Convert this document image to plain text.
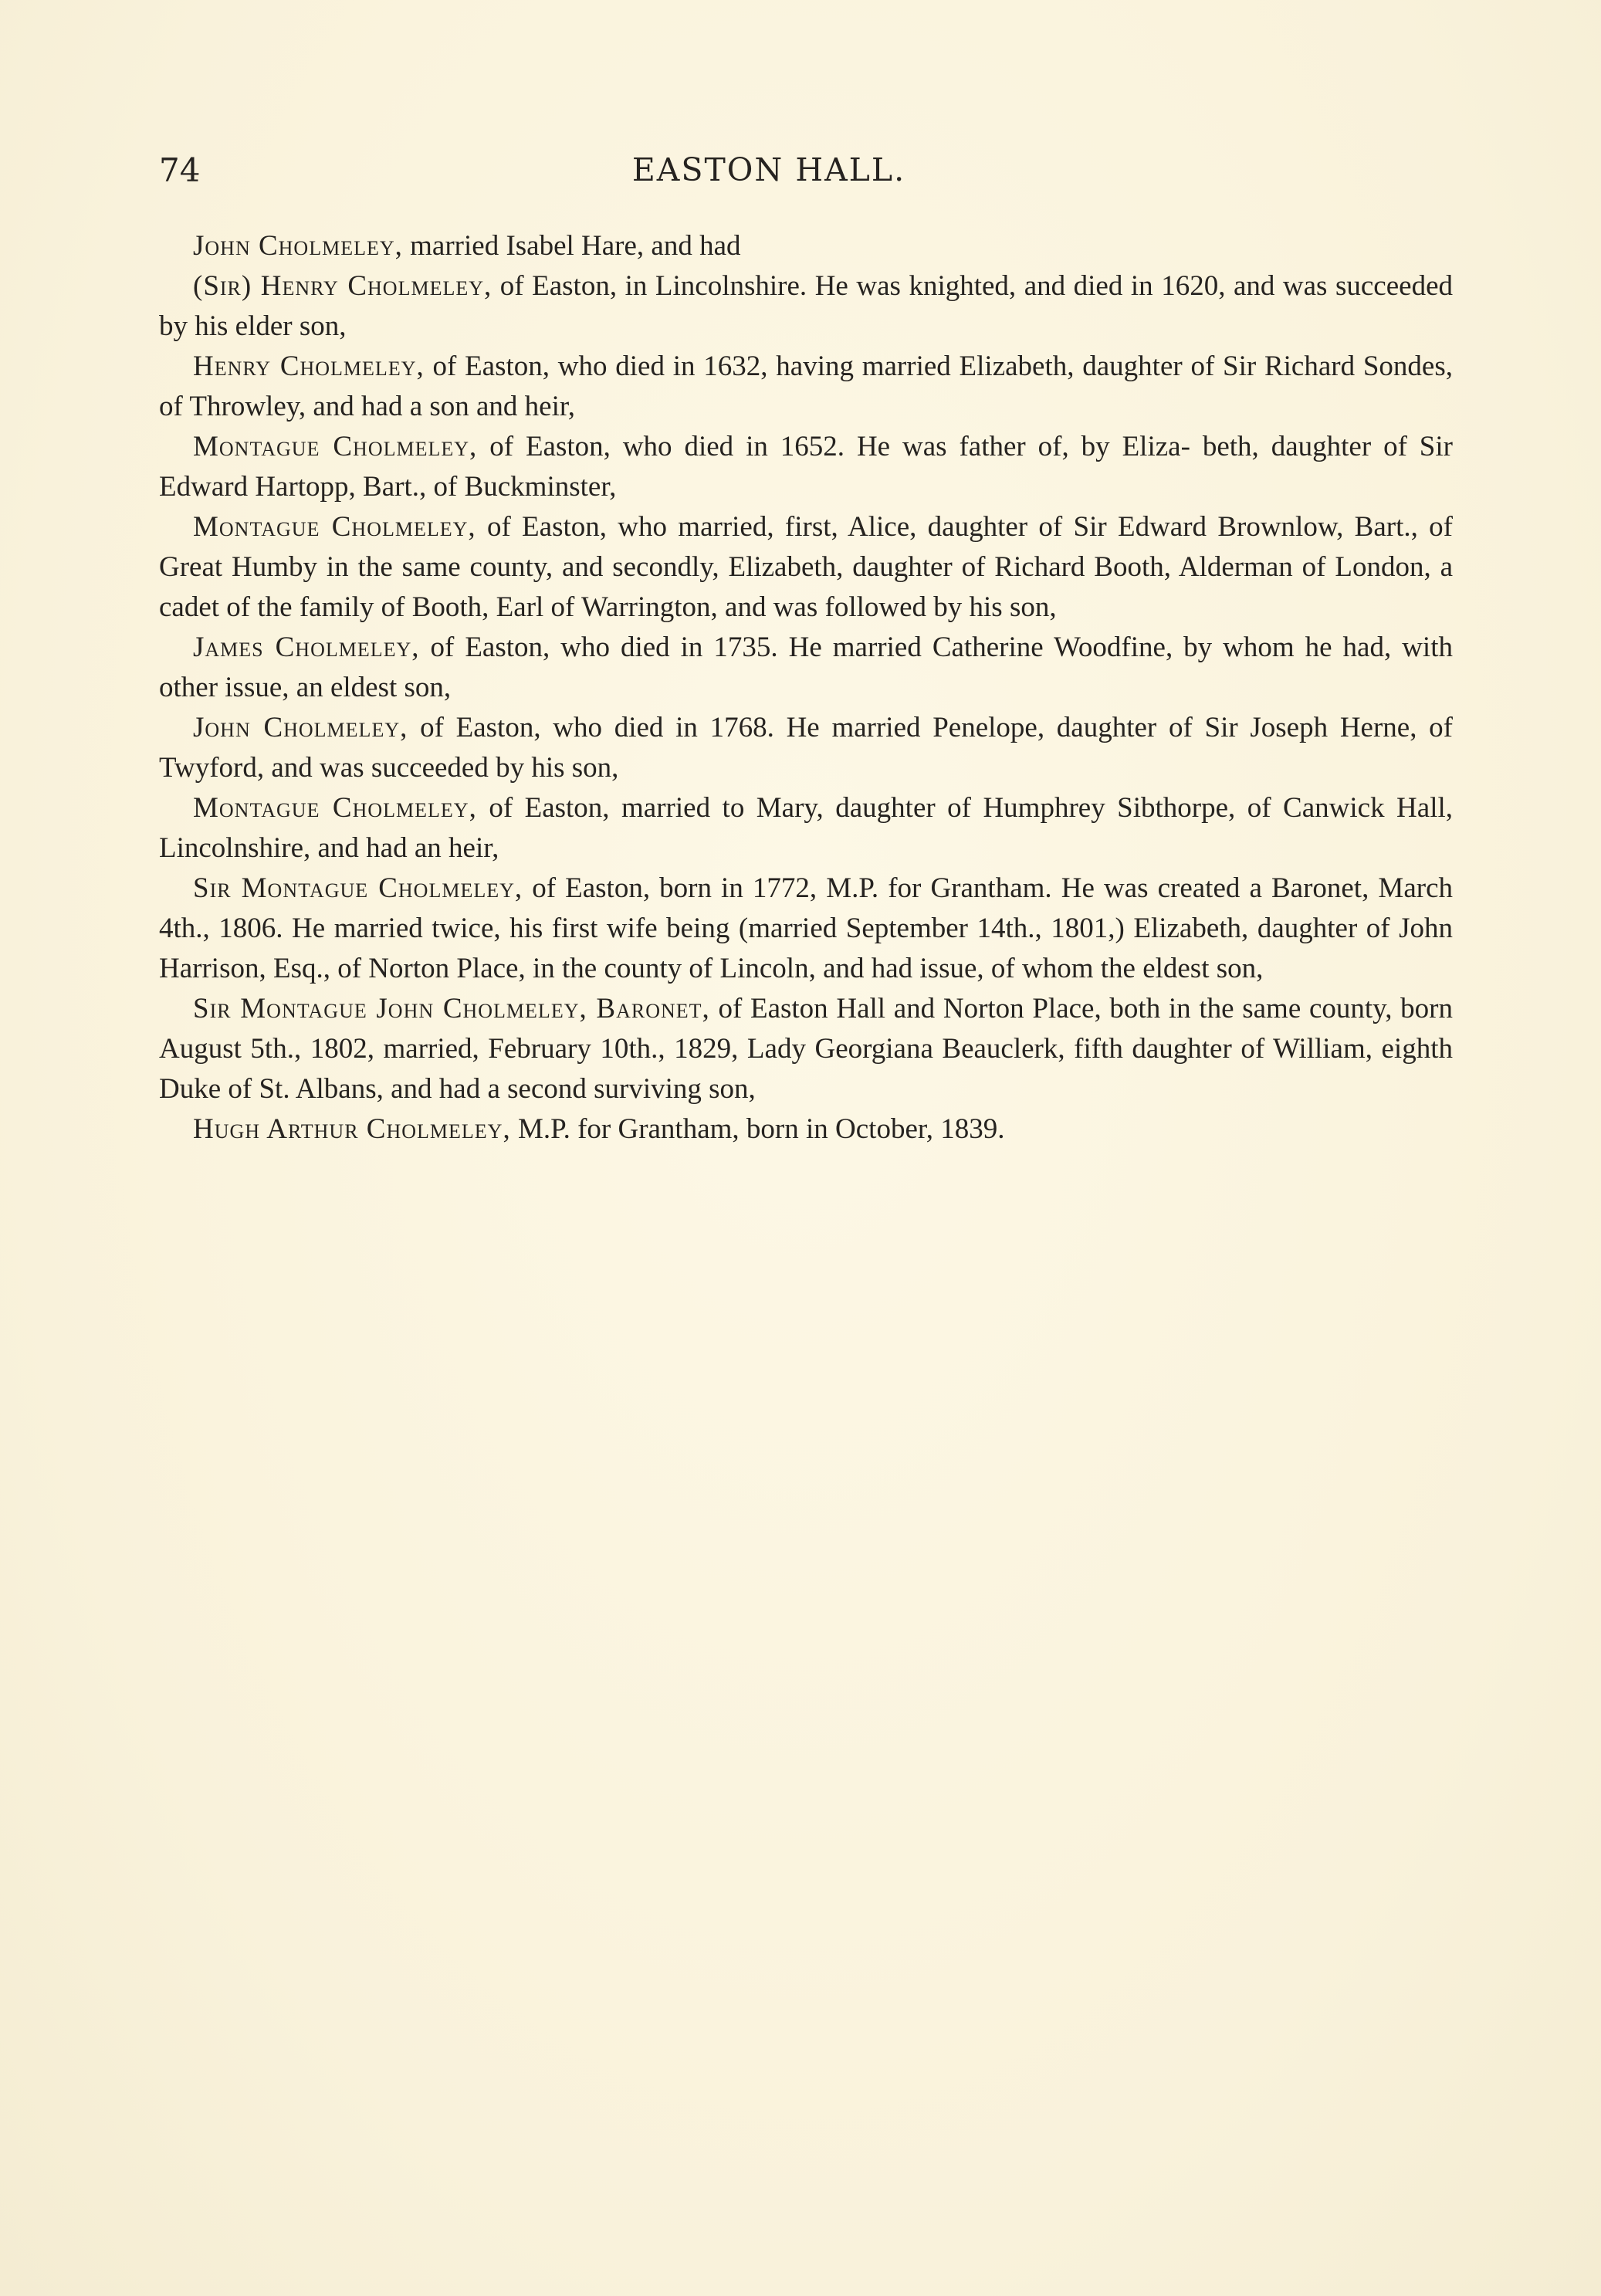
74	EASTON HALL.

John Cholmeley, married Isabel Hare, and had

(Sir) Henry Cholmeley, of Easton, in Lincolnshire. He was knighted, and died in 1620, and was succeeded by his elder son,

Henry Cholmeley, of Easton, who died in 1632, having married Elizabeth, daughter of Sir Richard Sondes, of Throwley, and had a son and heir,

Montague Cholmeley, of Easton, who died in 1652. He was father of, by Eliza- beth, daughter of Sir Edward Hartopp, Bart., of Buckminster,

Montague Cholmeley, of Easton, who married, first, Alice, daughter of Sir Edward Brownlow, Bart., of Great Humby in the same county, and secondly, Elizabeth, daughter of Richard Booth, Alderman of London, a cadet of the family of Booth, Earl of Warrington, and was followed by his son,

James Cholmeley, of Easton, who died in 1735. He married Catherine Woodfine, by whom he had, with other issue, an eldest son,

John Cholmeley, of Easton, who died in 1768. He married Penelope, daughter of Sir Joseph Herne, of Twyford, and was succeeded by his son,

Montague Cholmeley, of Easton, married to Mary, daughter of Humphrey Sibthorpe, of Canwick Hall, Lincolnshire, and had an heir,

Sir Montague Cholmeley, of Easton, born in 1772, M.P. for Grantham. He was created a Baronet, March 4th., 1806. He married twice, his first wife being (married September 14th., 1801,) Elizabeth, daughter of John Harrison, Esq., of Norton Place, in the county of Lincoln, and had issue, of whom the eldest son,

Sir Montague John Cholmeley, Baronet, of Easton Hall and Norton Place, both in the same county, born August 5th., 1802, married, February 10th., 1829, Lady Georgiana Beauclerk, fifth daughter of William, eighth Duke of St. Albans, and had a second surviving son,

Hugh Arthur Cholmeley, M.P. for Grantham, born in October, 1839.
